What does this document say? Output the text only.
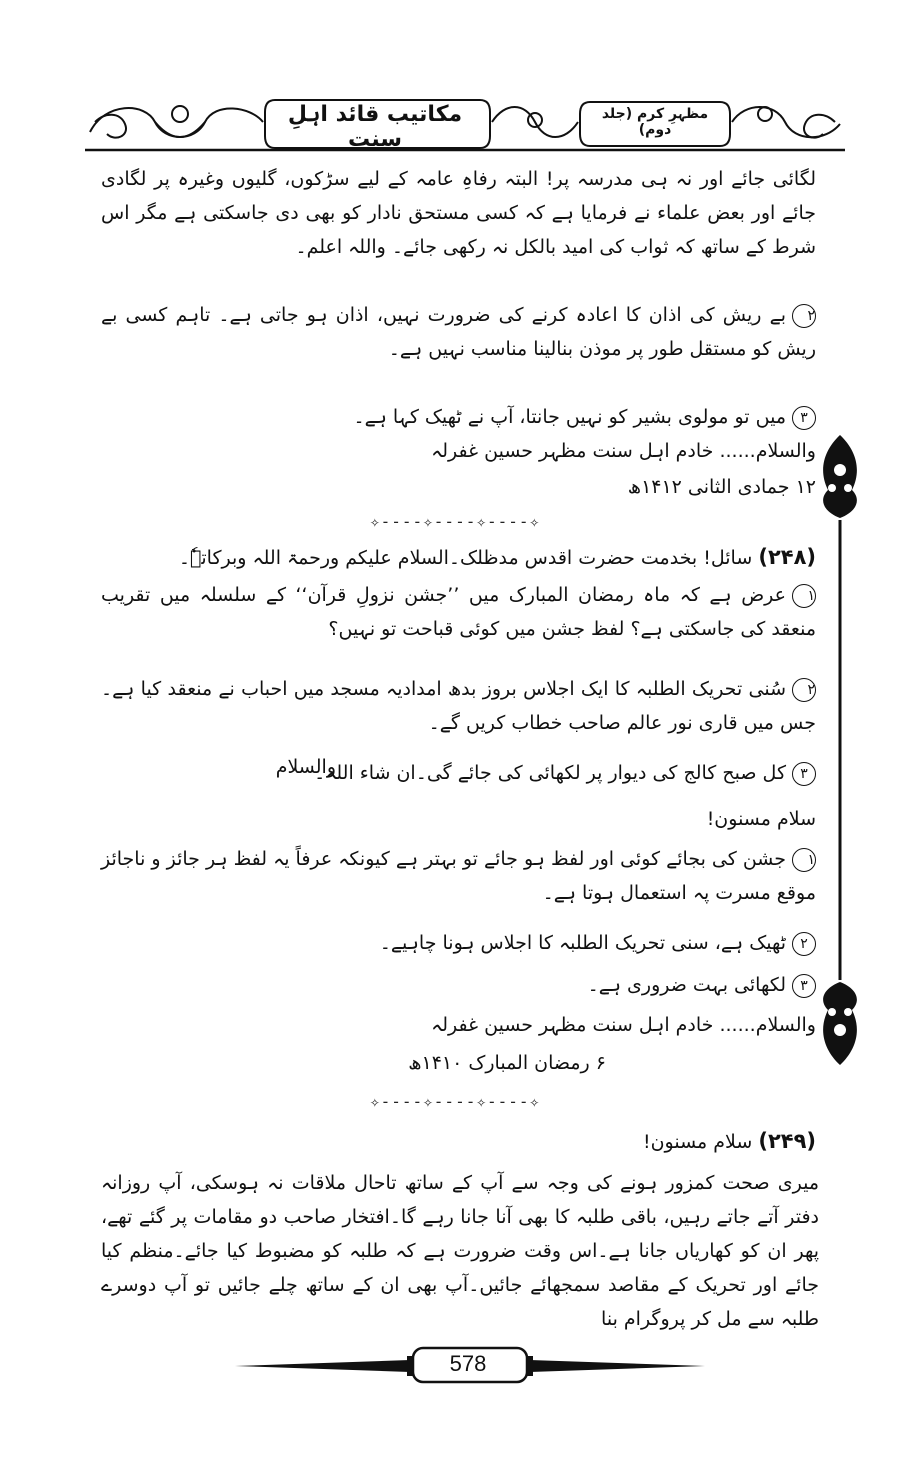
مکاتیب قائد اہلِ سنت
مظہرِ کرم (جلد دوم)
لگائی جائے اور نہ ہی مدرسہ پر! البتہ رفاہِ عامہ کے لیے سڑکوں، گلیوں وغیرہ پر لگادی جائے اور بعض علماء نے فرمایا ہے کہ کسی مستحق نادار کو بھی دی جاسکتی ہے مگر اس شرط کے ساتھ کہ ثواب کی امید بالکل نہ رکھی جائے۔ واللہ اعلم۔
۲بے ریش کی اذان کا اعادہ کرنے کی ضرورت نہیں، اذان ہو جاتی ہے۔ تاہم کسی بے ریش کو مستقل طور پر موذن بنالینا مناسب نہیں ہے۔
۳میں تو مولوی بشیر کو نہیں جانتا، آپ نے ٹھیک کہا ہے۔
والسلام...... خادم اہل سنت مظہر حسین غفرلہ
۱۲ جمادی الثانی ۱۴۱۲ھ
✧----✧----✧----✧
(۲۴۸) سائل! بخدمت حضرت اقدس مدظلک۔السلام علیکم ورحمۃ اللہ وبرکاتہٗ۔
۱عرض ہے کہ ماہ رمضان المبارک میں ’’جشن نزولِ قرآن‘‘ کے سلسلہ میں تقریب منعقد کی جاسکتی ہے؟ لفظ جشن میں کوئی قباحت تو نہیں؟
۲سُنی تحریک الطلبہ کا ایک اجلاس بروز بدھ امدادیہ مسجد میں احباب نے منعقد کیا ہے۔جس میں قاری نور عالم صاحب خطاب کریں گے۔
۳کل صبح کالج کی دیوار پر لکھائی کی جائے گی۔ان شاء اللہ۔
والسلام
سلام مسنون!
۱جشن کی بجائے کوئی اور لفظ ہو جائے تو بہتر ہے کیونکہ عرفاً یہ لفظ ہر جائز و ناجائز موقع مسرت پہ استعمال ہوتا ہے۔
۲ٹھیک ہے، سنی تحریک الطلبہ کا اجلاس ہونا چاہیے۔
۳لکھائی بہت ضروری ہے۔
والسلام...... خادم اہل سنت مظہر حسین غفرلہ
۶ رمضان المبارک ۱۴۱۰ھ
✧----✧----✧----✧
(۲۴۹) سلام مسنون!
میری صحت کمزور ہونے کی وجہ سے آپ کے ساتھ تاحال ملاقات نہ ہوسکی، آپ روزانہ دفتر آتے جاتے رہیں، باقی طلبہ کا بھی آنا جانا رہے گا۔افتخار صاحب دو مقامات پر گئے تھے، پھر ان کو کھاریاں جانا ہے۔اس وقت ضرورت ہے کہ طلبہ کو مضبوط کیا جائے۔منظم کیا جائے اور تحریک کے مقاصد سمجھائے جائیں۔آپ بھی ان کے ساتھ چلے جائیں تو آپ دوسرے طلبہ سے مل کر پروگرام بنا
578
